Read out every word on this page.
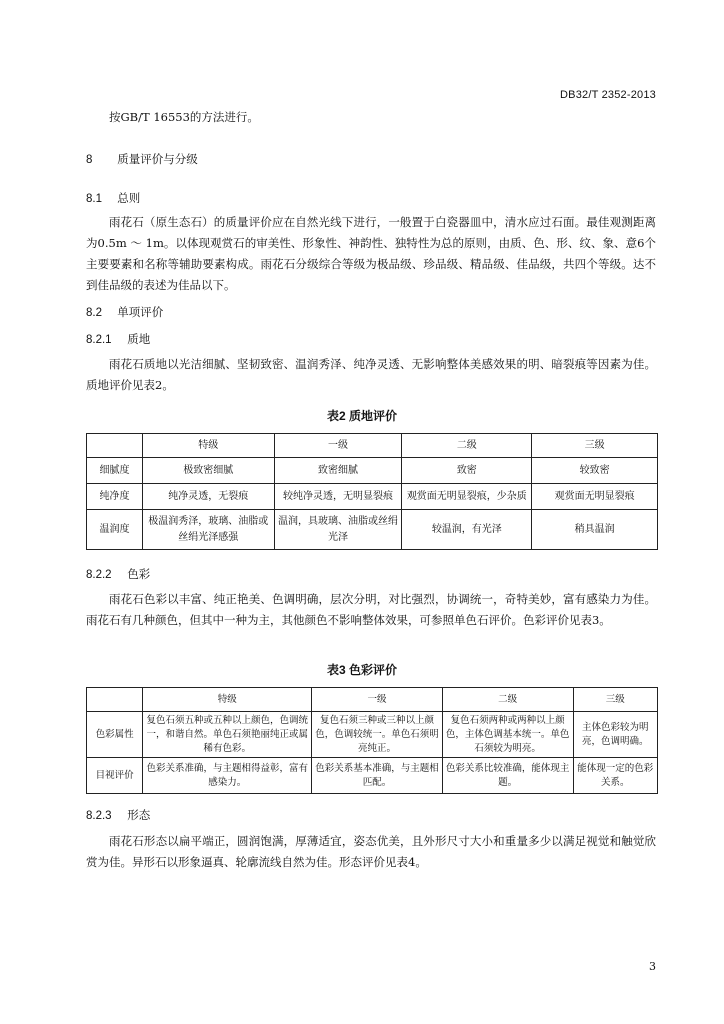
DB32/T 2352-2013
按GB/T 16553的方法进行。
8 质量评价与分级
8.1 总则
雨花石（原生态石）的质量评价应在自然光线下进行，一般置于白瓷器皿中，清水应过石面。最佳观测距离为0.5m ～ 1m。以体现观赏石的审美性、形象性、神韵性、独特性为总的原则，由质、色、形、纹、象、意6个主要要素和名称等辅助要素构成。雨花石分级综合等级为极品级、珍品级、精品级、佳品级，共四个等级。达不到佳品级的表述为佳品以下。
8.2 单项评价
8.2.1 质地
雨花石质地以光洁细腻、坚韧致密、温润秀泽、纯净灵透、无影响整体美感效果的明、暗裂痕等因素为佳。质地评价见表2。
表2 质地评价
	特级	一级	二级	三级
细腻度	极致密细腻	致密细腻	致密	较致密
纯净度	纯净灵透，无裂痕	较纯净灵透，无明显裂痕	观赏面无明显裂痕，少杂质	观赏面无明显裂痕
温润度	极温润秀泽，玻璃、油脂或丝绢光泽感强	温润，具玻璃、油脂或丝绢光泽	较温润，有光泽	稍具温润
8.2.2 色彩
雨花石色彩以丰富、纯正艳美、色调明确，层次分明，对比强烈，协调统一，奇特美妙，富有感染力为佳。雨花石有几种颜色，但其中一种为主，其他颜色不影响整体效果，可参照单色石评价。色彩评价见表3。
表3 色彩评价
	特级	一级	二级	三级
色彩属性	复色石须五种或五种以上颜色，色调统一，和谐自然。单色石须艳丽纯正或属稀有色彩。	复色石须三种或三种以上颜色，色调较统一。单色石须明亮纯正。	复色石须两种或两种以上颜色，主体色调基本统一。单色石须较为明亮。	主体色彩较为明亮，色调明确。
目视评价	色彩关系准确，与主题相得益彰，富有感染力。	色彩关系基本准确，与主题相匹配。	色彩关系比较准确，能体现主题。	能体现一定的色彩关系。
8.2.3 形态
雨花石形态以扁平端正，圆润饱满，厚薄适宜，姿态优美，且外形尺寸大小和重量多少以满足视觉和触觉欣赏为佳。异形石以形象逼真、轮廓流线自然为佳。形态评价见表4。
3
